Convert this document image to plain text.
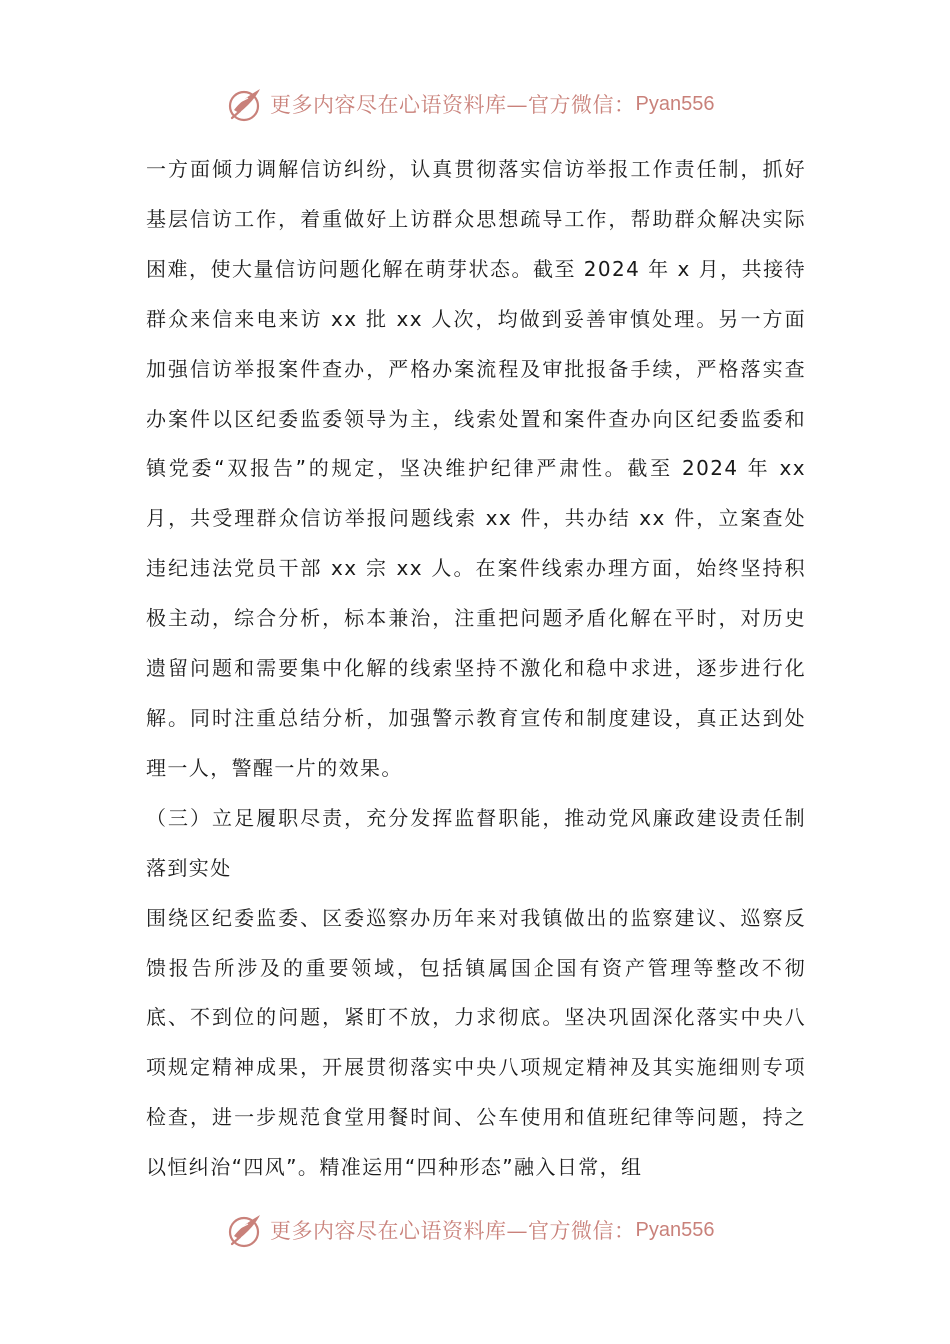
更多内容尽在心语资料库—官方微信： Pyan556

一方面倾力调解信访纠纷，认真贯彻落实信访举报工作责任制，抓好基层信访工作，着重做好上访群众思想疏导工作，帮助群众解决实际困难，使大量信访问题化解在萌芽状态。截至 2024 年 x 月，共接待群众来信来电来访 xx 批 xx 人次，均做到妥善审慎处理。另一方面加强信访举报案件查办，严格办案流程及审批报备手续，严格落实查办案件以区纪委监委领导为主，线索处置和案件查办向区纪委监委和镇党委“双报告”的规定，坚决维护纪律严肃性。截至 2024 年 xx 月，共受理群众信访举报问题线索 xx 件，共办结 xx 件，立案查处违纪违法党员干部 xx 宗 xx 人。在案件线索办理方面，始终坚持积极主动，综合分析，标本兼治，注重把问题矛盾化解在平时，对历史遗留问题和需要集中化解的线索坚持不激化和稳中求进，逐步进行化解。同时注重总结分析，加强警示教育宣传和制度建设，真正达到处理一人，警醒一片的效果。

（三）立足履职尽责，充分发挥监督职能，推动党风廉政建设责任制落到实处

围绕区纪委监委、区委巡察办历年来对我镇做出的监察建议、巡察反馈报告所涉及的重要领域，包括镇属国企国有资产管理等整改不彻底、不到位的问题，紧盯不放，力求彻底。坚决巩固深化落实中央八项规定精神成果，开展贯彻落实中央八项规定精神及其实施细则专项检查，进一步规范食堂用餐时间、公车使用和值班纪律等问题，持之以恒纠治“四风”。精准运用“四种形态”融入日常，组

更多内容尽在心语资料库—官方微信： Pyan556
